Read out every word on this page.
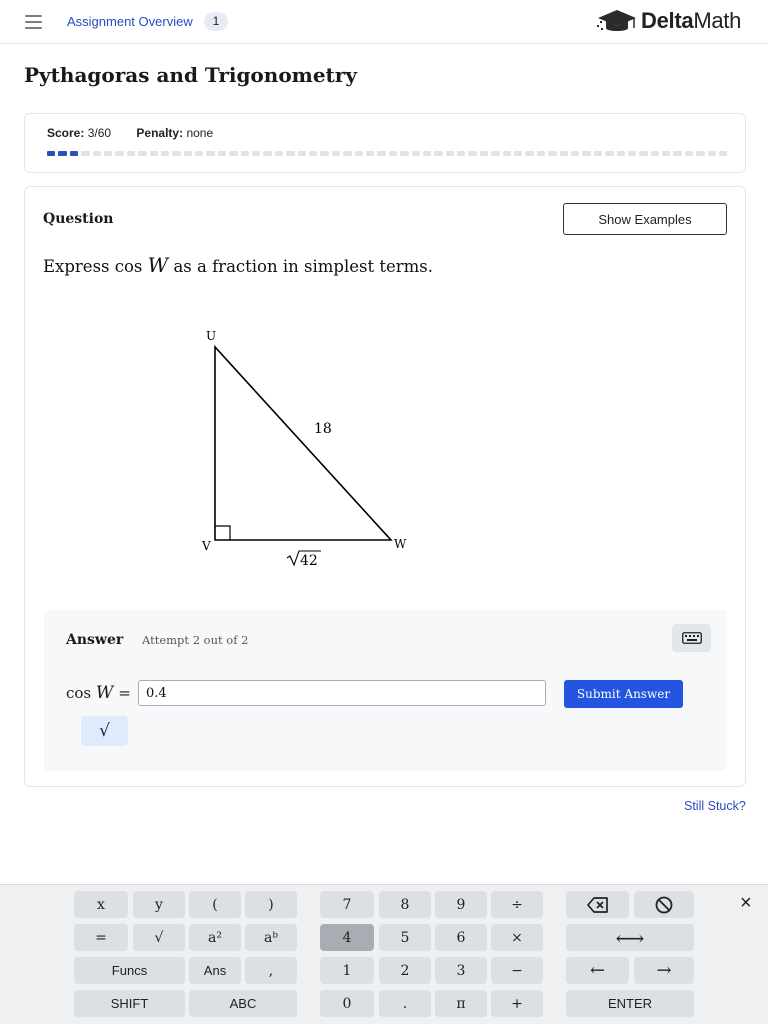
Assignment Overview	1	DeltaMath
Pythagoras and Trigonometry
Score: 3/60 Penalty: none
Question	Show Examples
Express cos W as a fraction in simplest terms.
U
V	W
18
42
Answer Attempt 2 out of 2
cos W =
0.4	Submit Answer
√
Still Stuck?
x	y	(	)	7	8	9	÷	×
=	√	a²	aᵇ	4	5	6	×	⟷
Funcs	Ans	,	1	2	3	−	←	→
SHIFT	ABC	0	.	π	+	ENTER
